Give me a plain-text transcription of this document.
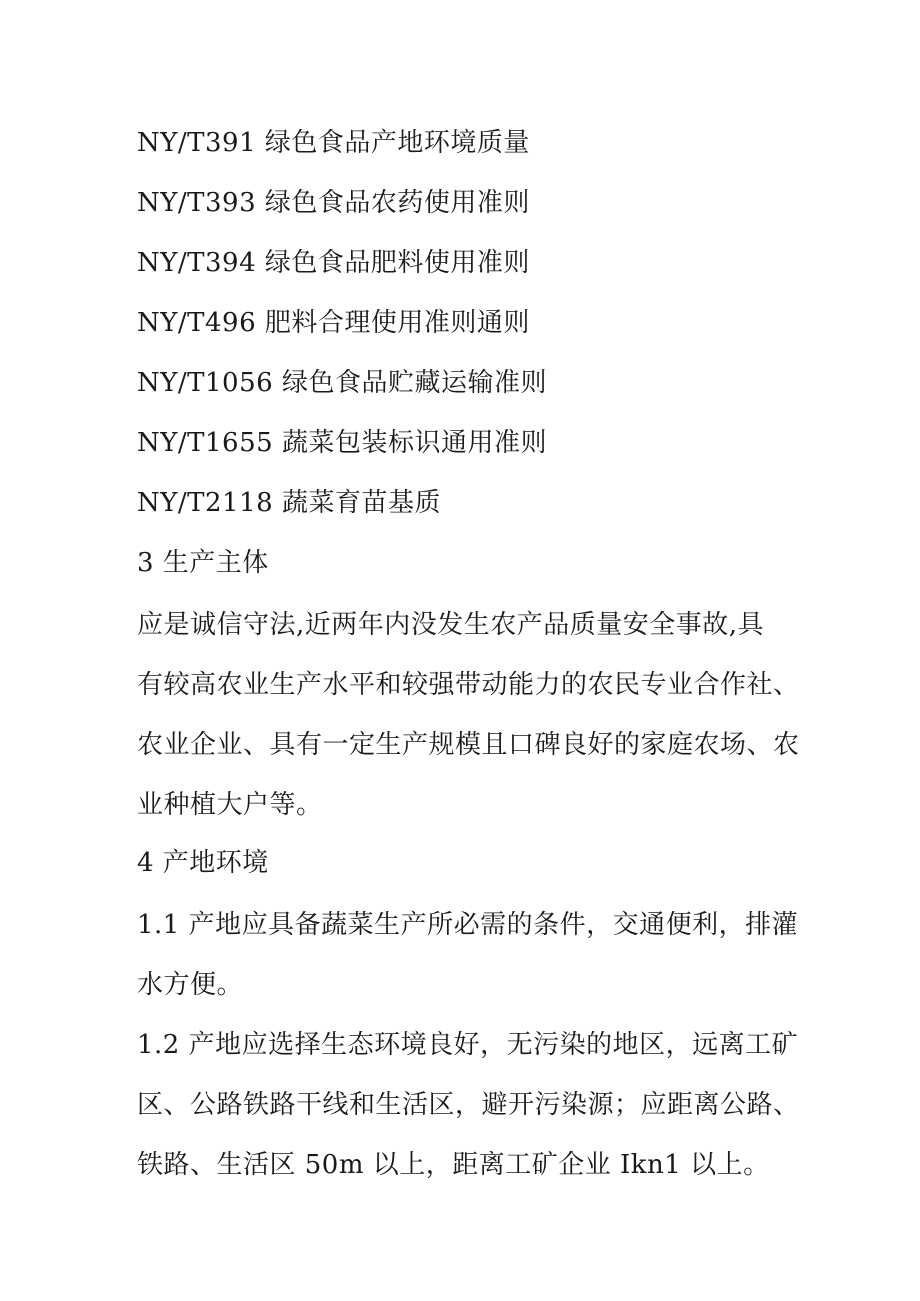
NY/T391 绿色食品产地环境质量

NY/T393 绿色食品农药使用准则

NY/T394 绿色食品肥料使用准则

NY/T496 肥料合理使用准则通则

NY/T1056 绿色食品贮藏运输准则

NY/T1655 蔬菜包装标识通用准则

NY/T2118 蔬菜育苗基质

3 生产主体

应是诚信守法,近两年内没发生农产品质量安全事故,具

有较高农业生产水平和较强带动能力的农民专业合作社、

农业企业、具有一定生产规模且口碑良好的家庭农场、农

业种植大户等。

4 产地环境

1.1 产地应具备蔬菜生产所必需的条件，交通便利，排灌

水方便。

1.2 产地应选择生态环境良好，无污染的地区，远离工矿

区、公路铁路干线和生活区，避开污染源；应距离公路、

铁路、生活区 50m 以上，距离工矿企业 Ikn1 以上。
